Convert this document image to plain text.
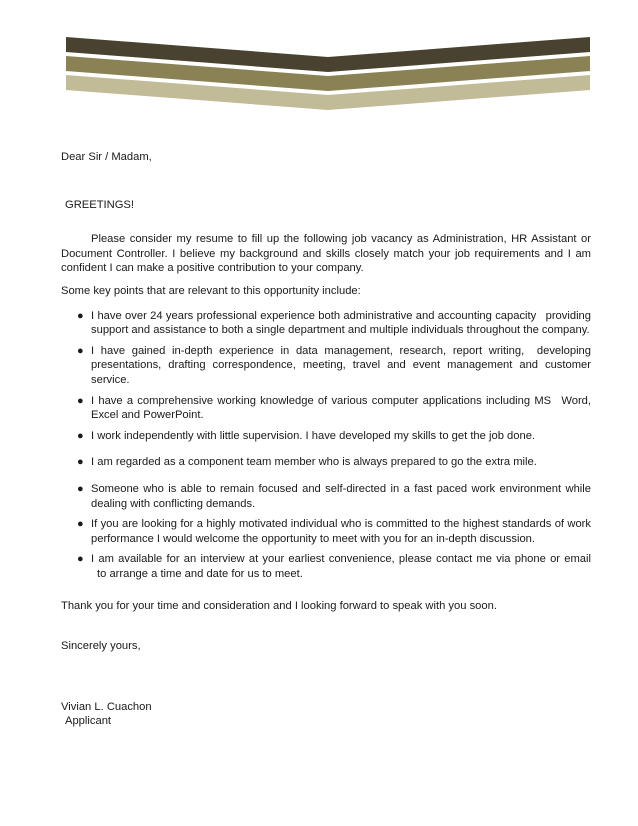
Dear Sir / Madam,

GREETINGS!

Please consider my resume to fill up the following job vacancy as Administration, HR Assistant or Document Controller. I believe my background and skills closely match your job requirements and I am confident I can make a positive contribution to your company.

Some key points that are relevant to this opportunity include:

● I have over 24 years professional experience both administrative and accounting capacity providing support and assistance to both a single department and multiple individuals throughout the company.
● I have gained in-depth experience in data management, research, report writing, developing presentations, drafting correspondence, meeting, travel and event management and customer service.
● I have a comprehensive working knowledge of various computer applications including MS Word, Excel and PowerPoint.
● I work independently with little supervision. I have developed my skills to get the job done.
● I am regarded as a component team member who is always prepared to go the extra mile.
● Someone who is able to remain focused and self-directed in a fast paced work environment while dealing with conflicting demands.
● If you are looking for a highly motivated individual who is committed to the highest standards of work performance I would welcome the opportunity to meet with you for an in-depth discussion.
● I am available for an interview at your earliest convenience, please contact me via phone or email to arrange a time and date for us to meet.

Thank you for your time and consideration and I looking forward to speak with you soon.

Sincerely yours,

Vivian L. Cuachon

Applicant
